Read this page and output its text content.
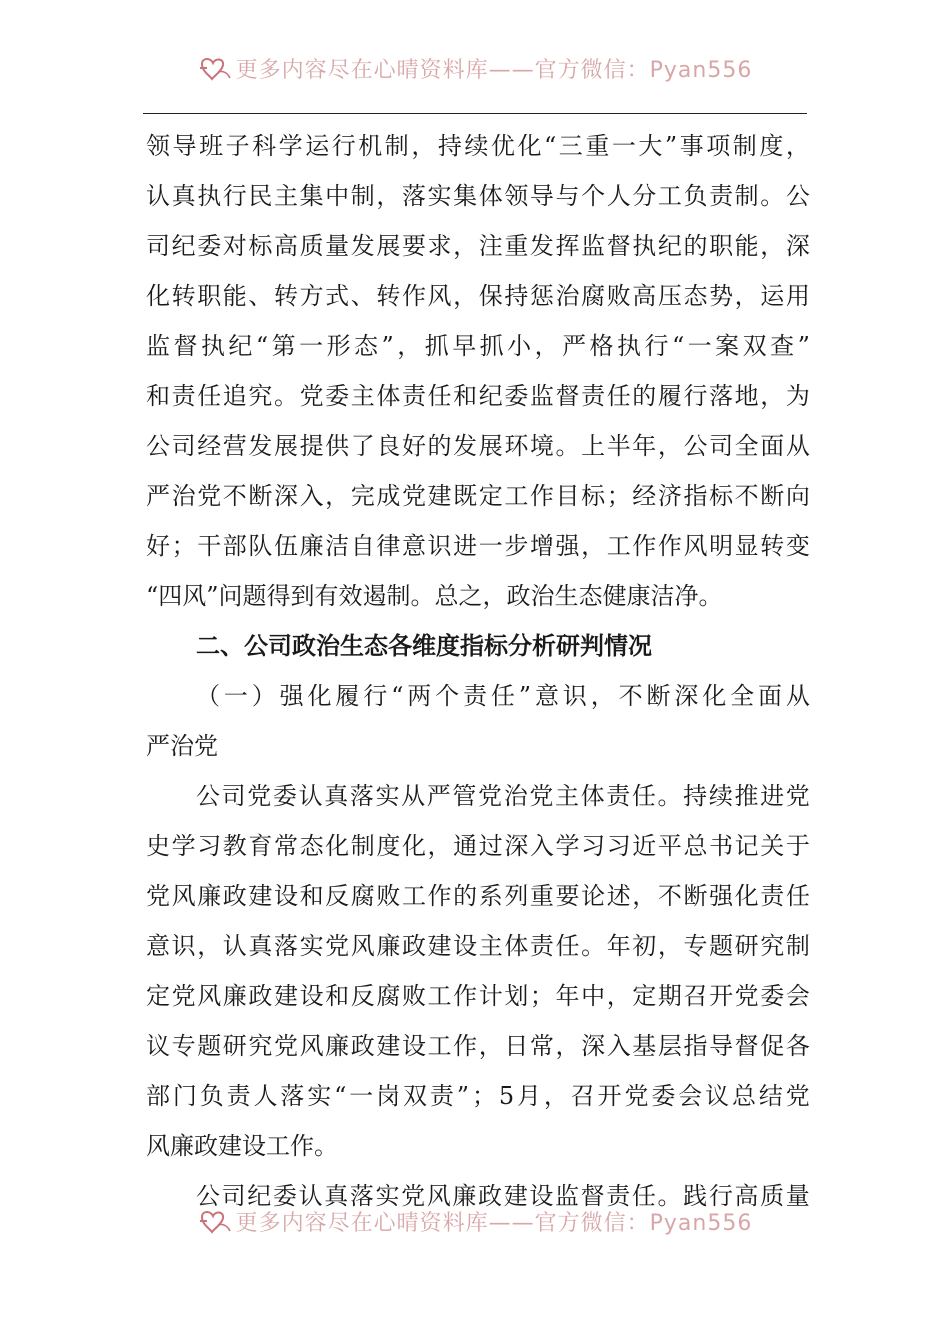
更多内容尽在心晴资料库——官方微信：Pyan556
领 导 班 子 科 学 运 行 机 制 ， 持 续 优 化 “ 三 重 一 大 ” 事 项 制 度 ，
认 真 执 行 民 主 集 中 制 ， 落 实 集 体 领 导 与 个 人 分 工 负 责 制 。 公
司 纪 委 对 标 高 质 量 发 展 要 求 ， 注 重 发 挥 监 督 执 纪 的 职 能 ， 深
化 转 职 能 、 转 方 式 、 转 作 风 ， 保 持 惩 治 腐 败 高 压 态 势 ， 运 用
监 督 执 纪 “ 第 一 形 态 ” ， 抓 早 抓 小 ， 严 格 执 行 “ 一 案 双 查 ”
和 责 任 追 究 。 党 委 主 体 责 任 和 纪 委 监 督 责 任 的 履 行 落 地 ， 为
公 司 经 营 发 展 提 供 了 良 好 的 发 展 环 境 。 上 半 年 ， 公 司 全 面 从
严 治 党 不 断 深 入 ， 完 成 党 建 既 定 工 作 目 标 ； 经 济 指 标 不 断 向
好 ； 干 部 队 伍 廉 洁 自 律 意 识 进 一 步 增 强 ， 工 作 作 风 明 显 转 变
“四风”问题得到有效遏制。总之，政治生态健康洁净。
二、公司政治生态各维度指标分析研判情况
（ 一 ） 强 化 履 行 “ 两 个 责 任 ” 意 识 ， 不 断 深 化 全 面 从
严治党
公 司 党 委 认 真 落 实 从 严 管 党 治 党 主 体 责 任 。 持 续 推 进 党
史 学 习 教 育 常 态 化 制 度 化 ， 通 过 深 入 学 习 习 近 平 总 书 记 关 于
党 风 廉 政 建 设 和 反 腐 败 工 作 的 系 列 重 要 论 述 ， 不 断 强 化 责 任
意 识 ， 认 真 落 实 党 风 廉 政 建 设 主 体 责 任 。 年 初 ， 专 题 研 究 制
定 党 风 廉 政 建 设 和 反 腐 败 工 作 计 划 ； 年 中 ， 定 期 召 开 党 委 会
议 专 题 研 究 党 风 廉 政 建 设 工 作 ， 日 常 ， 深 入 基 层 指 导 督 促 各
部 门 负 责 人 落 实 “ 一 岗 双 责 ” ； 5 月 ， 召 开 党 委 会 议 总 结 党
风廉政建设工作。
公 司 纪 委 认 真 落 实 党 风 廉 政 建 设 监 督 责 任 。 践 行 高 质 量
更多内容尽在心晴资料库——官方微信：Pyan556
